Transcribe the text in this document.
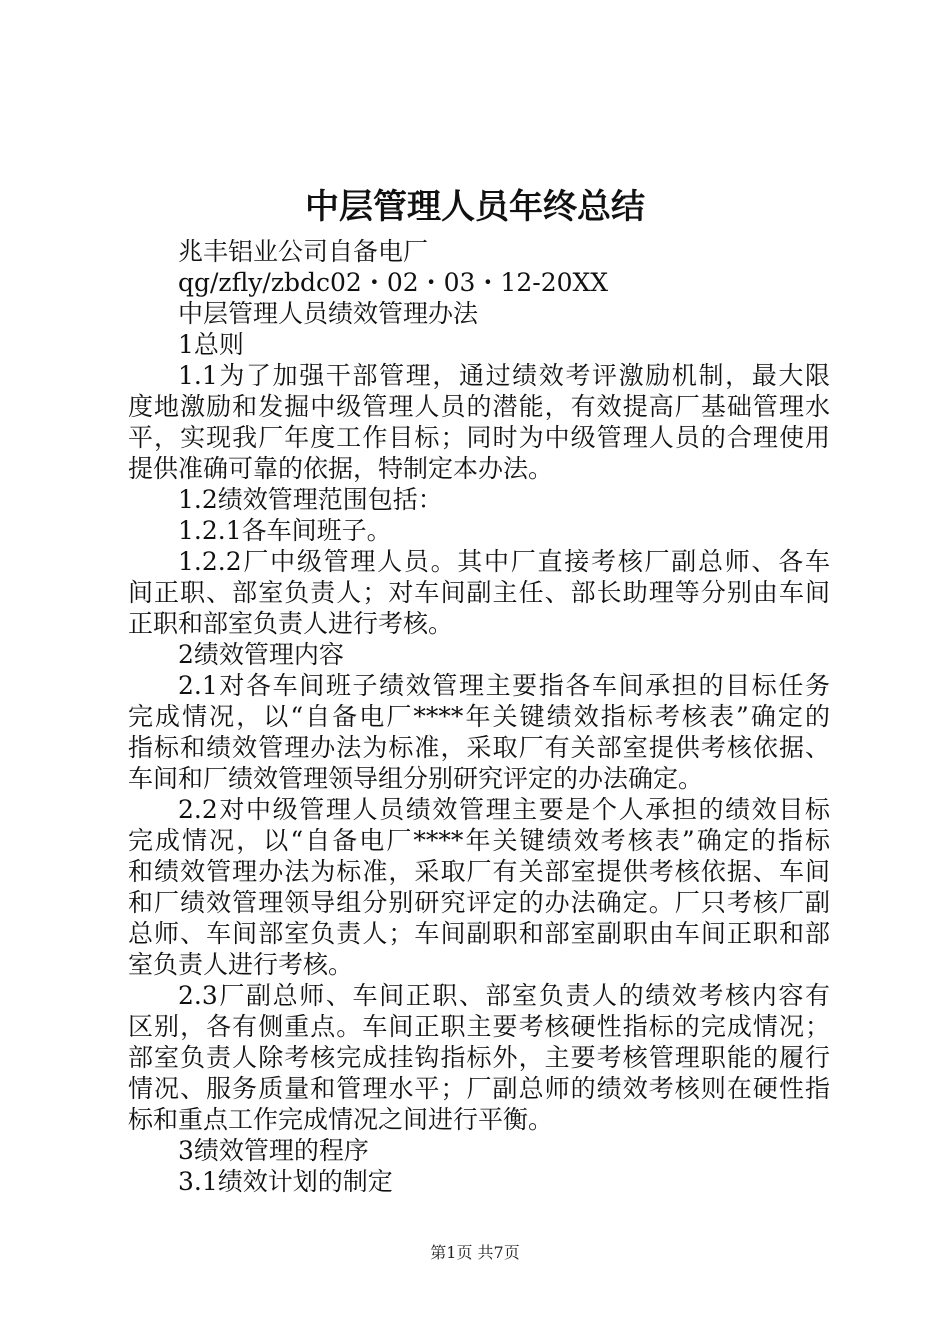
中层管理人员年终总结
兆丰铝业公司自备电厂
qg/zfly/zbdc02・02・03・12-20XX
中层管理人员绩效管理办法
1总则
1.1为了加强干部管理，通过绩效考评激励机制，最大限
度地激励和发掘中级管理人员的潜能，有效提高厂基础管理水
平，实现我厂年度工作目标；同时为中级管理人员的合理使用
提供准确可靠的依据，特制定本办法。
1.2绩效管理范围包括：
1.2.1各车间班子。
1.2.2厂中级管理人员。其中厂直接考核厂副总师、各车
间正职、部室负责人；对车间副主任、部长助理等分别由车间
正职和部室负责人进行考核。
2绩效管理内容
2.1对各车间班子绩效管理主要指各车间承担的目标任务
完成情况，以“自备电厂****年关键绩效指标考核表”确定的
指标和绩效管理办法为标准，采取厂有关部室提供考核依据、
车间和厂绩效管理领导组分别研究评定的办法确定。
2.2对中级管理人员绩效管理主要是个人承担的绩效目标
完成情况，以“自备电厂****年关键绩效考核表”确定的指标
和绩效管理办法为标准，采取厂有关部室提供考核依据、车间
和厂绩效管理领导组分别研究评定的办法确定。厂只考核厂副
总师、车间部室负责人；车间副职和部室副职由车间正职和部
室负责人进行考核。
2.3厂副总师、车间正职、部室负责人的绩效考核内容有
区别，各有侧重点。车间正职主要考核硬性指标的完成情况；
部室负责人除考核完成挂钩指标外，主要考核管理职能的履行
情况、服务质量和管理水平；厂副总师的绩效考核则在硬性指
标和重点工作完成情况之间进行平衡。
3绩效管理的程序
3.1绩效计划的制定
第1页 共7页
